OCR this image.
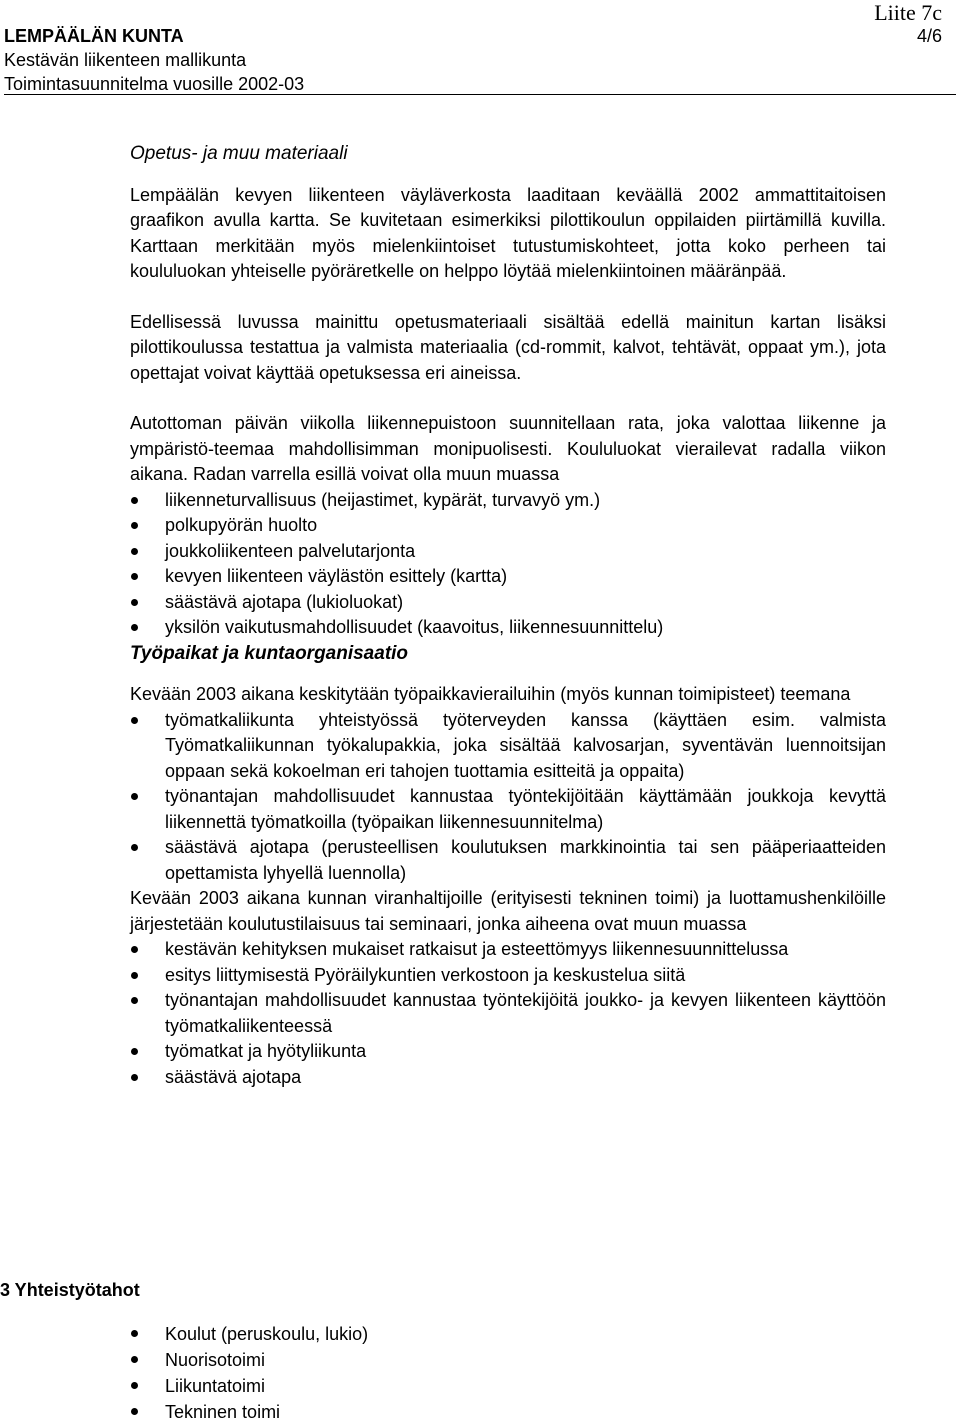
LEMPÄÄLÄN KUNTA
Kestävän liikenteen mallikunta
Toimintasuunnitelma vuosille 2002-03
Liite 7c
4/6
Opetus- ja muu materiaali

Lempäälän kevyen liikenteen väyläverkosta laaditaan keväällä 2002 ammattitaitoisen graafikon avulla kartta. Se kuvitetaan esimerkiksi pilottikoulun oppilaiden piirtämillä kuvilla. Karttaan merkitään myös mielenkiintoiset tutustumiskohteet, jotta koko perheen tai koululuokan yhteiselle pyöräretkelle on helppo löytää mielenkiintoinen määränpää.

Edellisessä luvussa mainittu opetusmateriaali sisältää edellä mainitun kartan lisäksi pilottikoulussa testattua ja valmista materiaalia (cd-rommit, kalvot, tehtävät, oppaat ym.), jota opettajat voivat käyttää opetuksessa eri aineissa.

Autottoman päivän viikolla liikennepuistoon suunnitellaan rata, joka valottaa liikenne ja ympäristö-teemaa mahdollisimman monipuolisesti. Koululuokat vierailevat radalla viikon aikana. Radan varrella esillä voivat olla muun muassa

liikenneturvallisuus (heijastimet, kypärät, turvavyö ym.)
polkupyörän huolto
joukkoliikenteen palvelutarjonta
kevyen liikenteen väylästön esittely (kartta)
säästävä ajotapa (lukioluokat)
yksilön vaikutusmahdollisuudet (kaavoitus, liikennesuunnittelu)
Työpaikat ja kuntaorganisaatio

Kevään 2003 aikana keskitytään työpaikkavierailuihin (myös kunnan toimipisteet) teemana

työmatkaliikunta yhteistyössä työterveyden kanssa (käyttäen esim. valmista Työmatkaliikunnan työkalupakkia, joka sisältää kalvosarjan, syventävän luennoitsijan oppaan sekä kokoelman eri tahojen tuottamia esitteitä ja oppaita)
työnantajan mahdollisuudet kannustaa työntekijöitään käyttämään joukkoja kevyttä liikennettä työmatkoilla (työpaikan liikennesuunnitelma)
säästävä ajotapa (perusteellisen koulutuksen markkinointia tai sen pääperiaatteiden opettamista lyhyellä luennolla)

Kevään 2003 aikana kunnan viranhaltijoille (erityisesti tekninen toimi) ja luottamushenkilöille järjestetään koulutustilaisuus tai seminaari, jonka aiheena ovat muun muassa

kestävän kehityksen mukaiset ratkaisut ja esteettömyys liikennesuunnittelussa
esitys liittymisestä Pyöräilykuntien verkostoon ja keskustelua siitä
työnantajan mahdollisuudet kannustaa työntekijöitä joukko- ja kevyen liikenteen käyttöön työmatkaliikenteessä
työmatkat ja hyötyliikunta
säästävä ajotapa
3 Yhteistyötahot
Koulut (peruskoulu, lukio)
Nuorisotoimi
Liikuntatoimi
Tekninen toimi
